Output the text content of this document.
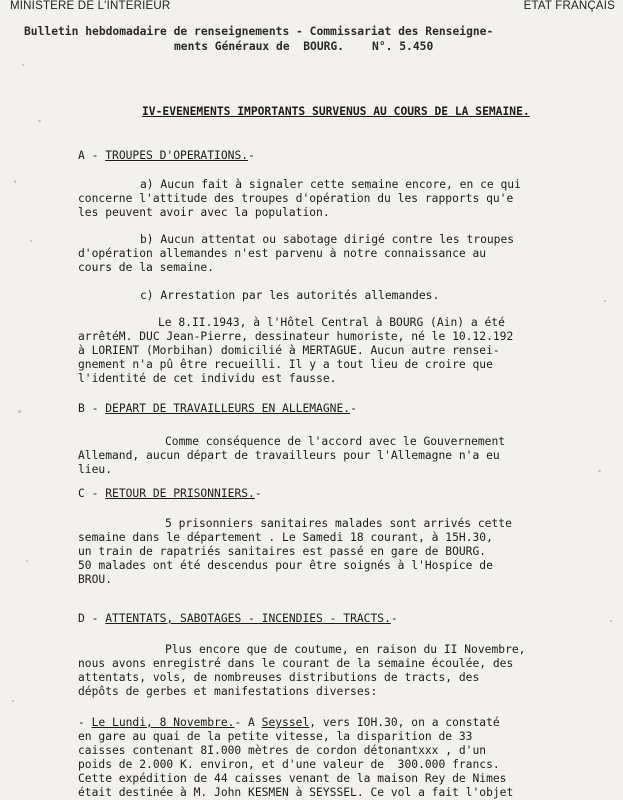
MINISTÈRE DE L'INTÉRIEUR	ÉTAT FRANÇAIS
Bulletin hebdomadaire de renseignements - Commissariat des Renseigne-
ments Généraux de  BOURG. N°. 5.450
IV-EVENEMENTS IMPORTANTS SURVENUS AU COURS DE LA SEMAINE.
A - TROUPES D'OPERATIONS.-
a) Aucun fait à signaler cette semaine encore, en ce qui
concerne l'attitude des troupes d'opération du les rapports qu'e
les peuvent avoir avec la population.
b) Aucun attentat ou sabotage dirigé contre les troupes
d'opération allemandes n'est parvenu à notre connaissance au
cours de la semaine.
c) Arrestation par les autorités allemandes.
Le 8.II.1943, à l'Hôtel Central à BOURG (Ain) a été
arrêtéM. DUC Jean-Pierre, dessinateur humoriste, né le 10.12.192
à LORIENT (Morbihan) domicilié à MERTAGUE. Aucun autre rensei-
gnement n'a pû être recueilli. Il y a tout lieu de croire que
l'identité de cet individu est fausse.
B - DEPART DE TRAVAILLEURS EN ALLEMAGNE.-
Comme conséquence de l'accord avec le Gouvernement
Allemand, aucun départ de travailleurs pour l'Allemagne n'a eu
lieu.
C - RETOUR DE PRISONNIERS.-
5 prisonniers sanitaires malades sont arrivés cette
semaine dans le département . Le Samedi 18 courant, à 15H.30,
un train de rapatriés sanitaires est passé en gare de BOURG.
50 malades ont été descendus pour être soignés à l'Hospice de
BROU.
D - ATTENTATS, SABOTAGES - INCENDIES - TRACTS.-
Plus encore que de coutume, en raison du II Novembre,
nous avons enregistré dans le courant de la semaine écoulée, des
attentats, vols, de nombreuses distributions de tracts, des
dépôts de gerbes et manifestations diverses:
- Le Lundi, 8 Novembre.- A Seyssel, vers IOH.30, on a constaté
en gare au quai de la petite vitesse, la disparition de 33
caisses contenant 8I.000 mètres de cordon détonantxxx , d'un
poids de 2.000 K. environ, et d'une valeur de  300.000 francs.
Cette expédition de 44 caisses venant de la maison Rey de Nimes
était destinée à M. John KESMEN à SEYSSEL. Ce vol a fait l'objet
